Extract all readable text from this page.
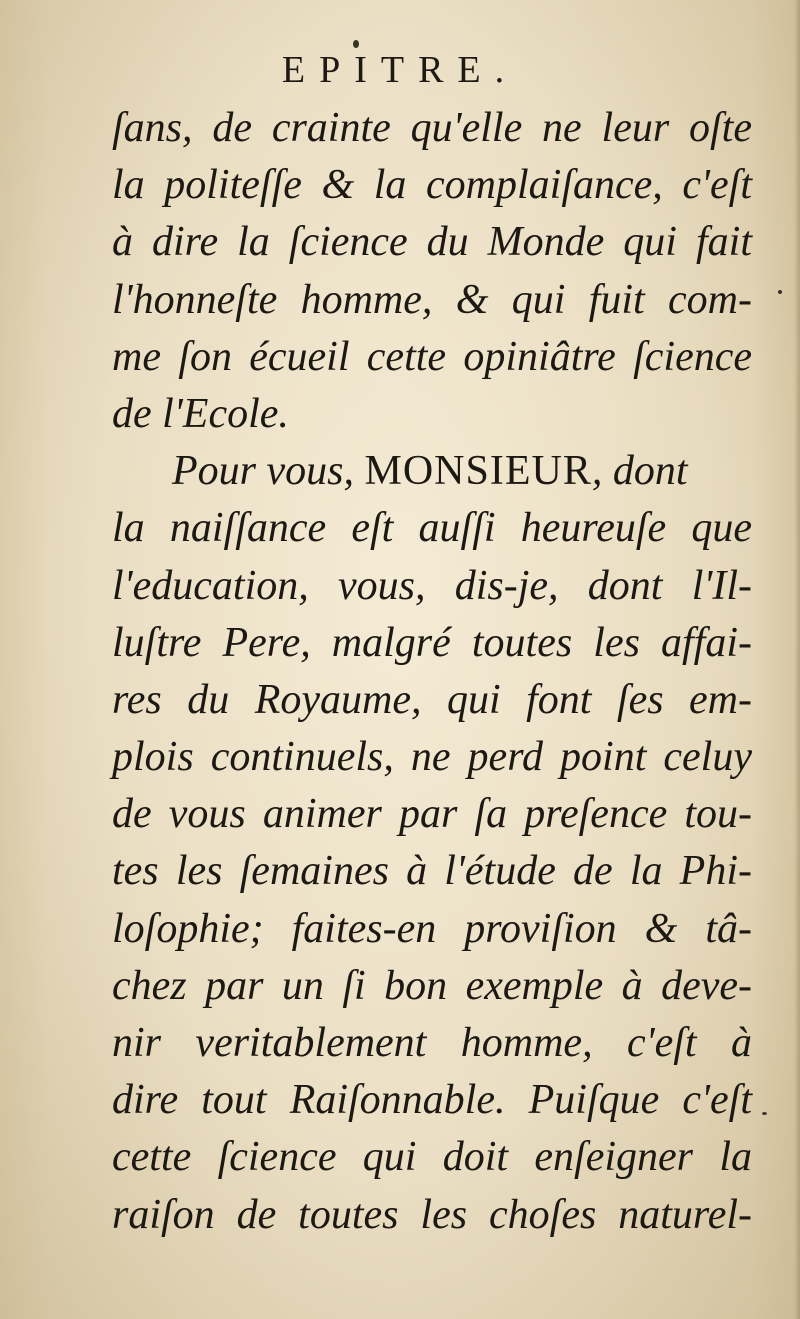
EPITRE.
ſans, de crainte qu'elle ne leur oſte
la politeſſe & la complaiſance, c'eſt
à dire la ſcience du Monde qui fait
l'honneſte homme, & qui fuit com-
me ſon écueil cette opiniâtre ſcience
de l'Ecole.
Pour vous, MONSIEUR, dont
la naiſſance eſt auſſi heureuſe que
l'education, vous, dis-je, dont l'Il-
luſtre Pere, malgré toutes les affai-
res du Royaume, qui font ſes em-
plois continuels, ne perd point celuy
de vous animer par ſa preſence tou-
tes les ſemaines à l'étude de la Phi-
loſophie; faites-en proviſion & tâ-
chez par un ſi bon exemple à deve-
nir veritablement homme, c'eſt à
dire tout Raiſonnable. Puiſque c'eſt
cette ſcience qui doit enſeigner la
raiſon de toutes les choſes naturel-
